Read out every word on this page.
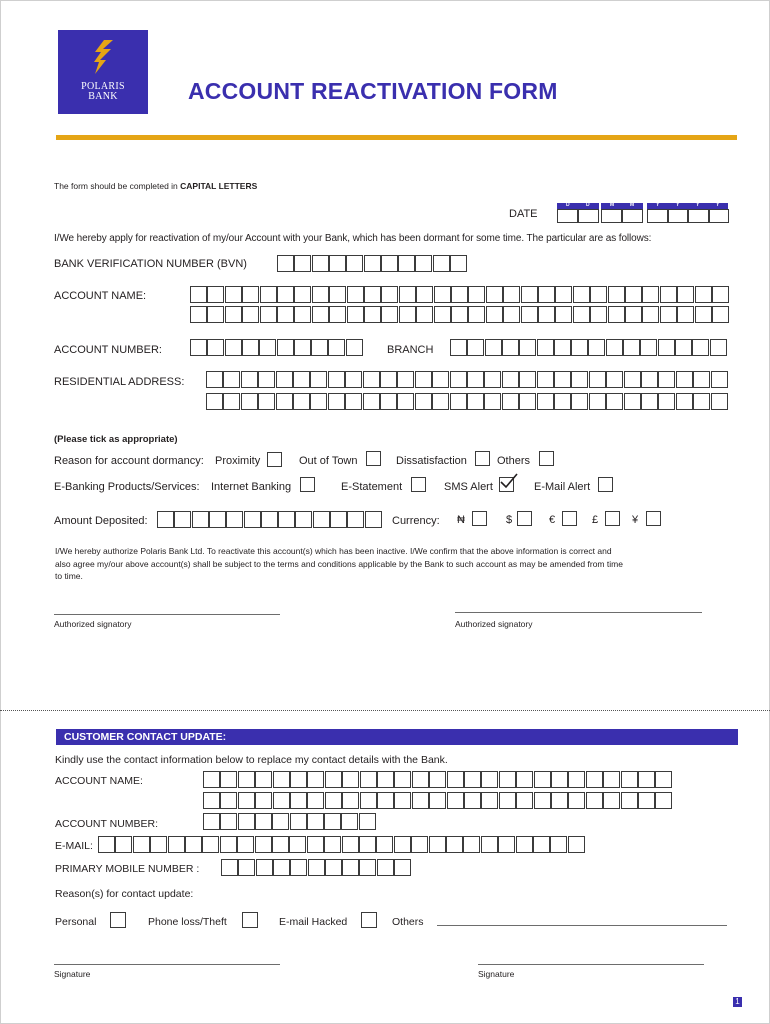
POLARIS
BANK	ACCOUNT REACTIVATION FORM
The form should be completed in CAPITAL LETTERS
DATE
D	D	M	M	Y	Y	Y	Y
I/We hereby apply for reactivation of my/our Account with your Bank, which has been dormant for some time. The particular are as follows:
BANK VERIFICATION NUMBER (BVN)
ACCOUNT NAME:
ACCOUNT NUMBER:	BRANCH
RESIDENTIAL ADDRESS:
(Please tick as appropriate)
Reason for account dormancy: Proximity	Out of Town	Dissatisfaction	Others
E-Banking Products/Services: Internet Banking	E-Statement	SMS Alert	E-Mail Alert
Amount Deposited:	Currency: ₦	$	€	£	¥
I/We hereby authorize Polaris Bank Ltd. To reactivate this account(s) which has been inactive. I/We confirm that the above information is correct and
also agree my/our above account(s) shall be subject to the terms and conditions applicable by the Bank to such account as may be amended from time
to time.
Authorized signatory	Authorized signatory
CUSTOMER CONTACT UPDATE:
Kindly use the contact information below to replace my contact details with the Bank.
ACCOUNT NAME:
ACCOUNT NUMBER:
E-MAIL:
PRIMARY MOBILE NUMBER :
Reason(s) for contact update:
Personal	Phone loss/Theft	E-mail Hacked	Others
Signature	Signature
1
